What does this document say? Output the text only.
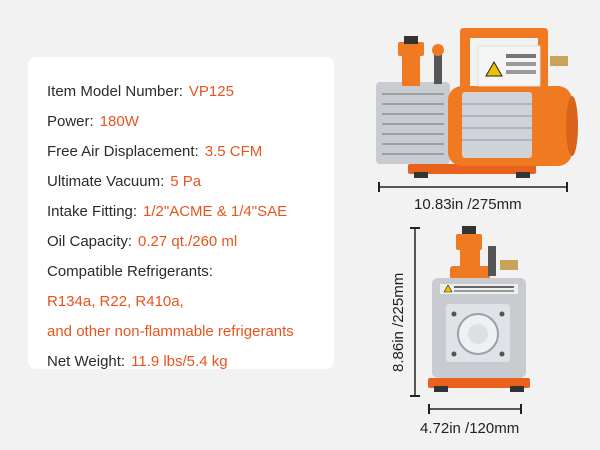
Item Model Number: VP125
Power: 180W
Free Air Displacement: 3.5 CFM
Ultimate Vacuum: 5 Pa
Intake Fitting: 1/2"ACME & 1/4"SAE
Oil Capacity: 0.27 qt./260 ml
Compatible Refrigerants:
R134a, R22, R410a,
and other non-flammable refrigerants
Net Weight: 11.9 lbs/5.4 kg
10.83in /275mm
8.86in /225mm
4.72in /120mm
